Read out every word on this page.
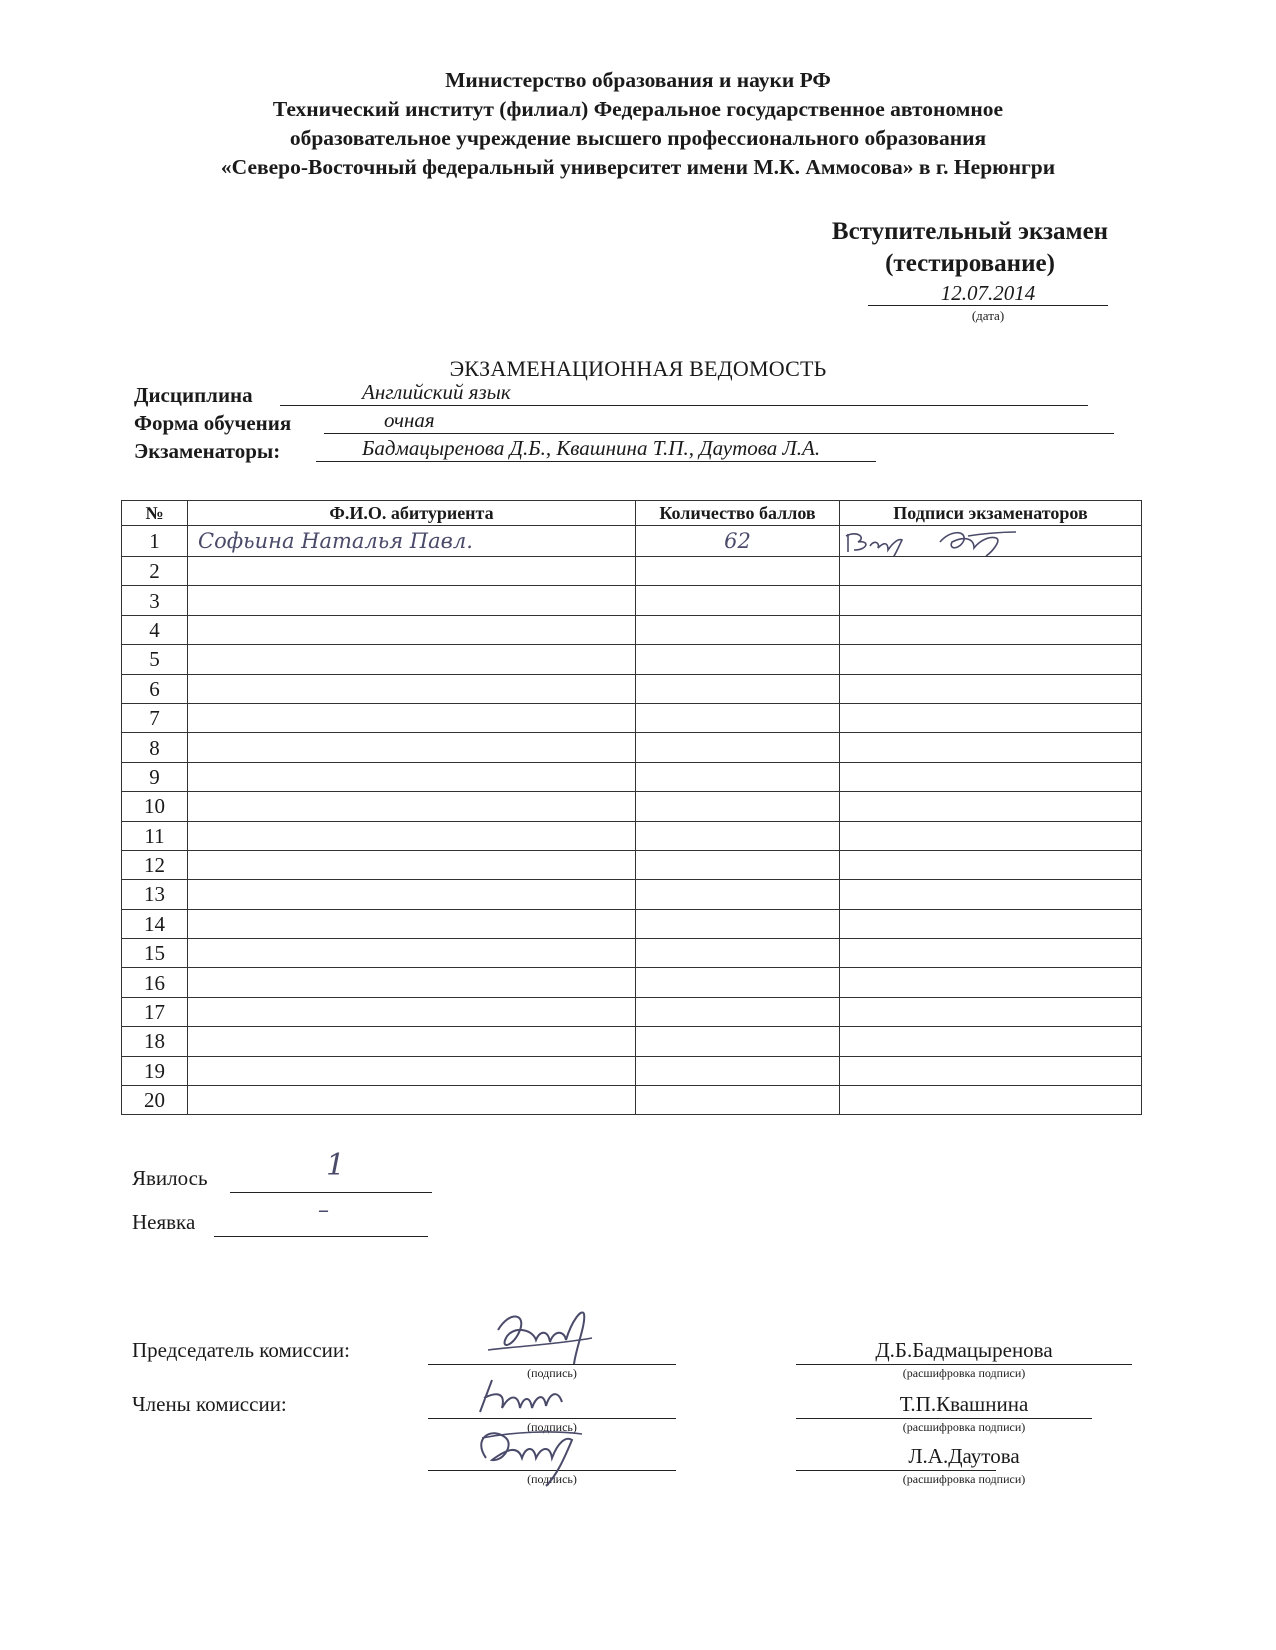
Министерство образования и науки РФ
Технический институт (филиал) Федеральное государственное автономное
образовательное учреждение высшего профессионального образования
«Северо-Восточный федеральный университет имени М.К. Аммосова» в г. Нерюнгри
Вступительный экзамен
(тестирование)
12.07.2014
(дата)
ЭКЗАМЕНАЦИОННАЯ ВЕДОМОСТЬ
Дисциплина	Английский язык
Форма обучения	очная
Экзаменаторы:	Бадмацыренова Д.Б., Квашнина Т.П., Даутова Л.А.
№	Ф.И.О. абитуриента	Количество баллов	Подписи экзаменаторов
1	Софьина Наталья Павл.	62	

2			
3			
4			
5			
6			
7			
8			
9			
10			
11			
12			
13			
14			
15			
16			
17			
18			
19			
20			
Явилось	1
Неявка	–
Председатель комиссии:
(подпись)
Д.Б.Бадмацыренова
(расшифровка подписи)
Члены комиссии:
(подпись)
Т.П.Квашнина
(расшифровка подписи)
(подпись)
Л.А.Даутова
(расшифровка подписи)
